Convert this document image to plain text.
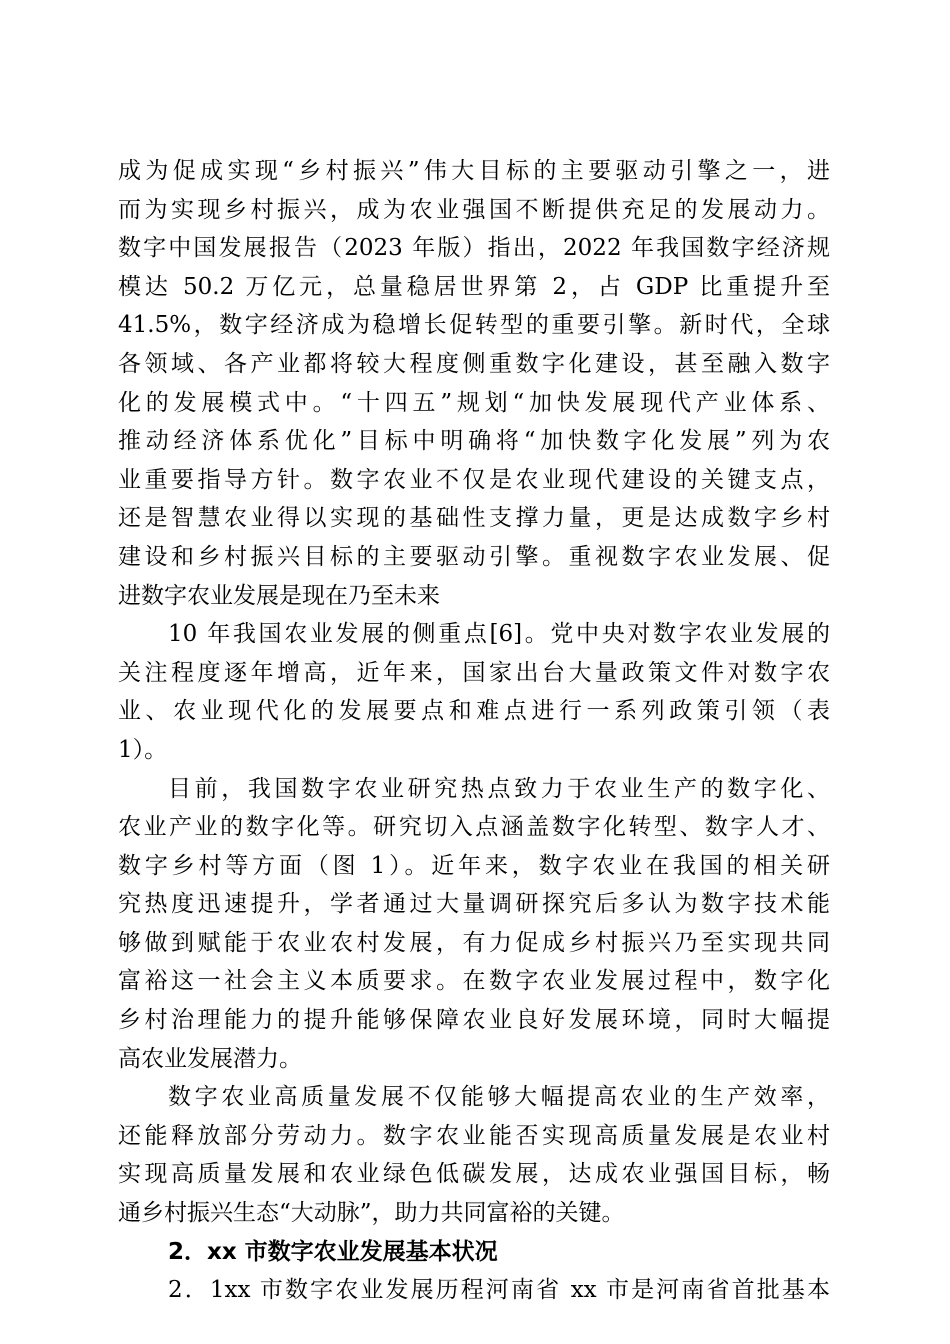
成为促成实现“乡村振兴”伟大目标的主要驱动引擎之一，进
而为实现乡村振兴，成为农业强国不断提供充足的发展动力。
数字中国发展报告（2023 年版）指出，2022 年我国数字经济规
模达 50.2 万亿元，总量稳居世界第 2，占 GDP 比重提升至
41.5%，数字经济成为稳增长促转型的重要引擎。新时代，全球
各领域、各产业都将较大程度侧重数字化建设，甚至融入数字
化的发展模式中。“十四五”规划“加快发展现代产业体系、
推动经济体系优化”目标中明确将“加快数字化发展”列为农
业重要指导方针。数字农业不仅是农业现代建设的关键支点，
还是智慧农业得以实现的基础性支撑力量，更是达成数字乡村
建设和乡村振兴目标的主要驱动引擎。重视数字农业发展、促
进数字农业发展是现在乃至未来
10 年我国农业发展的侧重点[6]。党中央对数字农业发展的
关注程度逐年增高，近年来，国家出台大量政策文件对数字农
业、农业现代化的发展要点和难点进行一系列政策引领（表
1）。
目前，我国数字农业研究热点致力于农业生产的数字化、
农业产业的数字化等。研究切入点涵盖数字化转型、数字人才、
数字乡村等方面（图 1）。近年来，数字农业在我国的相关研
究热度迅速提升，学者通过大量调研探究后多认为数字技术能
够做到赋能于农业农村发展，有力促成乡村振兴乃至实现共同
富裕这一社会主义本质要求。在数字农业发展过程中，数字化
乡村治理能力的提升能够保障农业良好发展环境，同时大幅提
高农业发展潜力。
数字农业高质量发展不仅能够大幅提高农业的生产效率，
还能释放部分劳动力。数字农业能否实现高质量发展是农业村
实现高质量发展和农业绿色低碳发展，达成农业强国目标，畅
通乡村振兴生态“大动脉”，助力共同富裕的关键。
2．xx 市数字农业发展基本状况
2．1xx 市数字农业发展历程河南省 xx 市是河南省首批基本
